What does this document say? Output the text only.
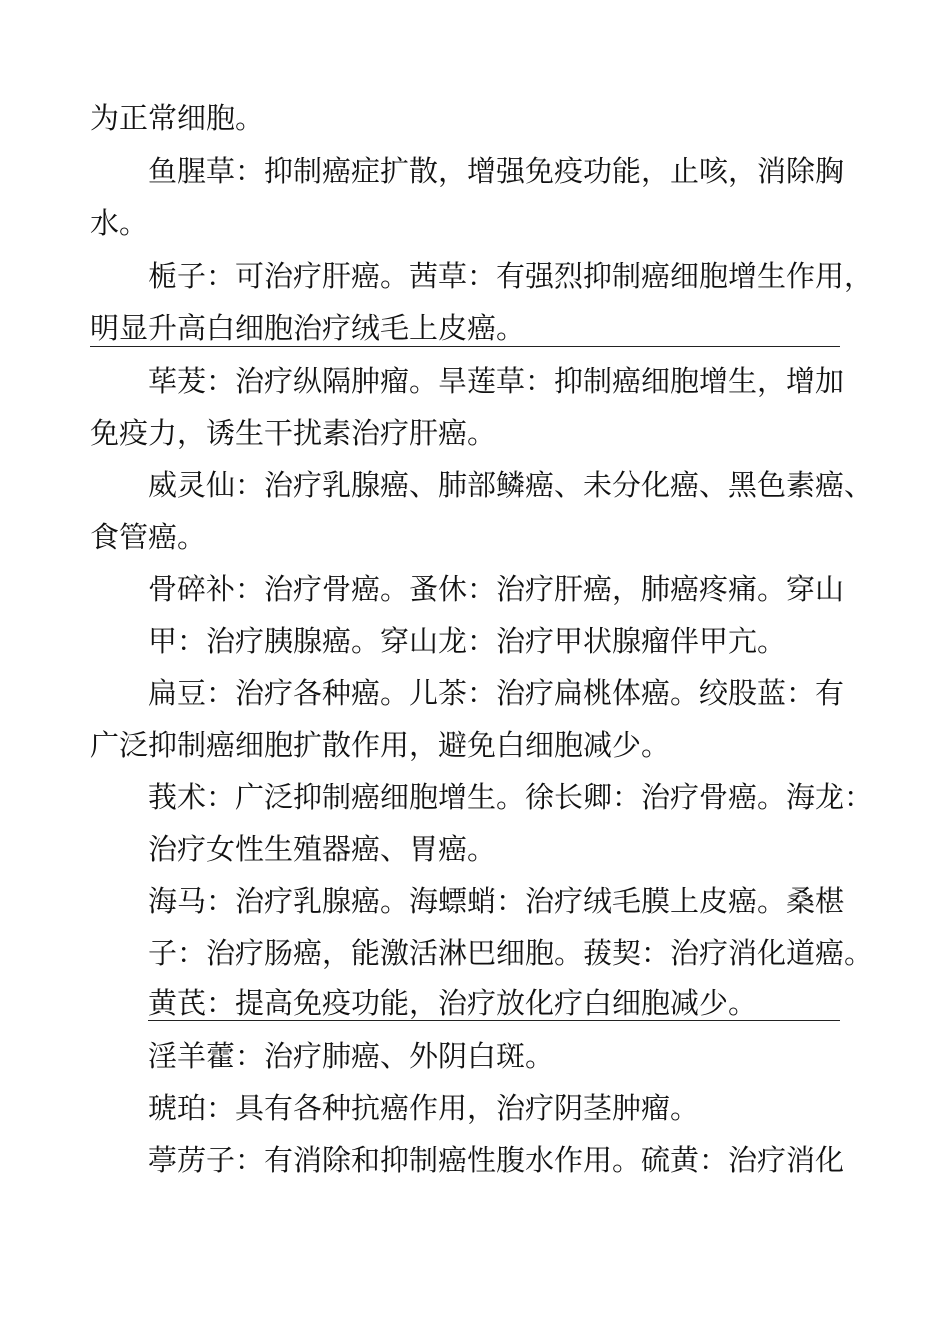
为正常细胞。
鱼腥草：抑制癌症扩散，增强免疫功能，止咳，消除胸
水。
栀子：可治疗肝癌。茜草：有强烈抑制癌细胞增生作用，
明显升高白细胞治疗绒毛上皮癌。
荜茇：治疗纵隔肿瘤。旱莲草：抑制癌细胞增生，增加
免疫力，诱生干扰素治疗肝癌。
威灵仙：治疗乳腺癌、肺部鳞癌、未分化癌、黑色素癌、
食管癌。
骨碎补：治疗骨癌。蚤休：治疗肝癌，肺癌疼痛。穿山
甲：治疗胰腺癌。穿山龙：治疗甲状腺瘤伴甲亢。
扁豆：治疗各种癌。儿茶：治疗扁桃体癌。绞股蓝：有
广泛抑制癌细胞扩散作用，避免白细胞减少。
莪术：广泛抑制癌细胞增生。徐长卿：治疗骨癌。海龙：
治疗女性生殖器癌、胃癌。
海马：治疗乳腺癌。海螵蛸：治疗绒毛膜上皮癌。桑椹
子：治疗肠癌，能激活淋巴细胞。菝契：治疗消化道癌。
黄芪：提高免疫功能，治疗放化疗白细胞减少。
淫羊藿：治疗肺癌、外阴白斑。
琥珀：具有各种抗癌作用，治疗阴茎肿瘤。
葶苈子：有消除和抑制癌性腹水作用。硫黄：治疗消化
